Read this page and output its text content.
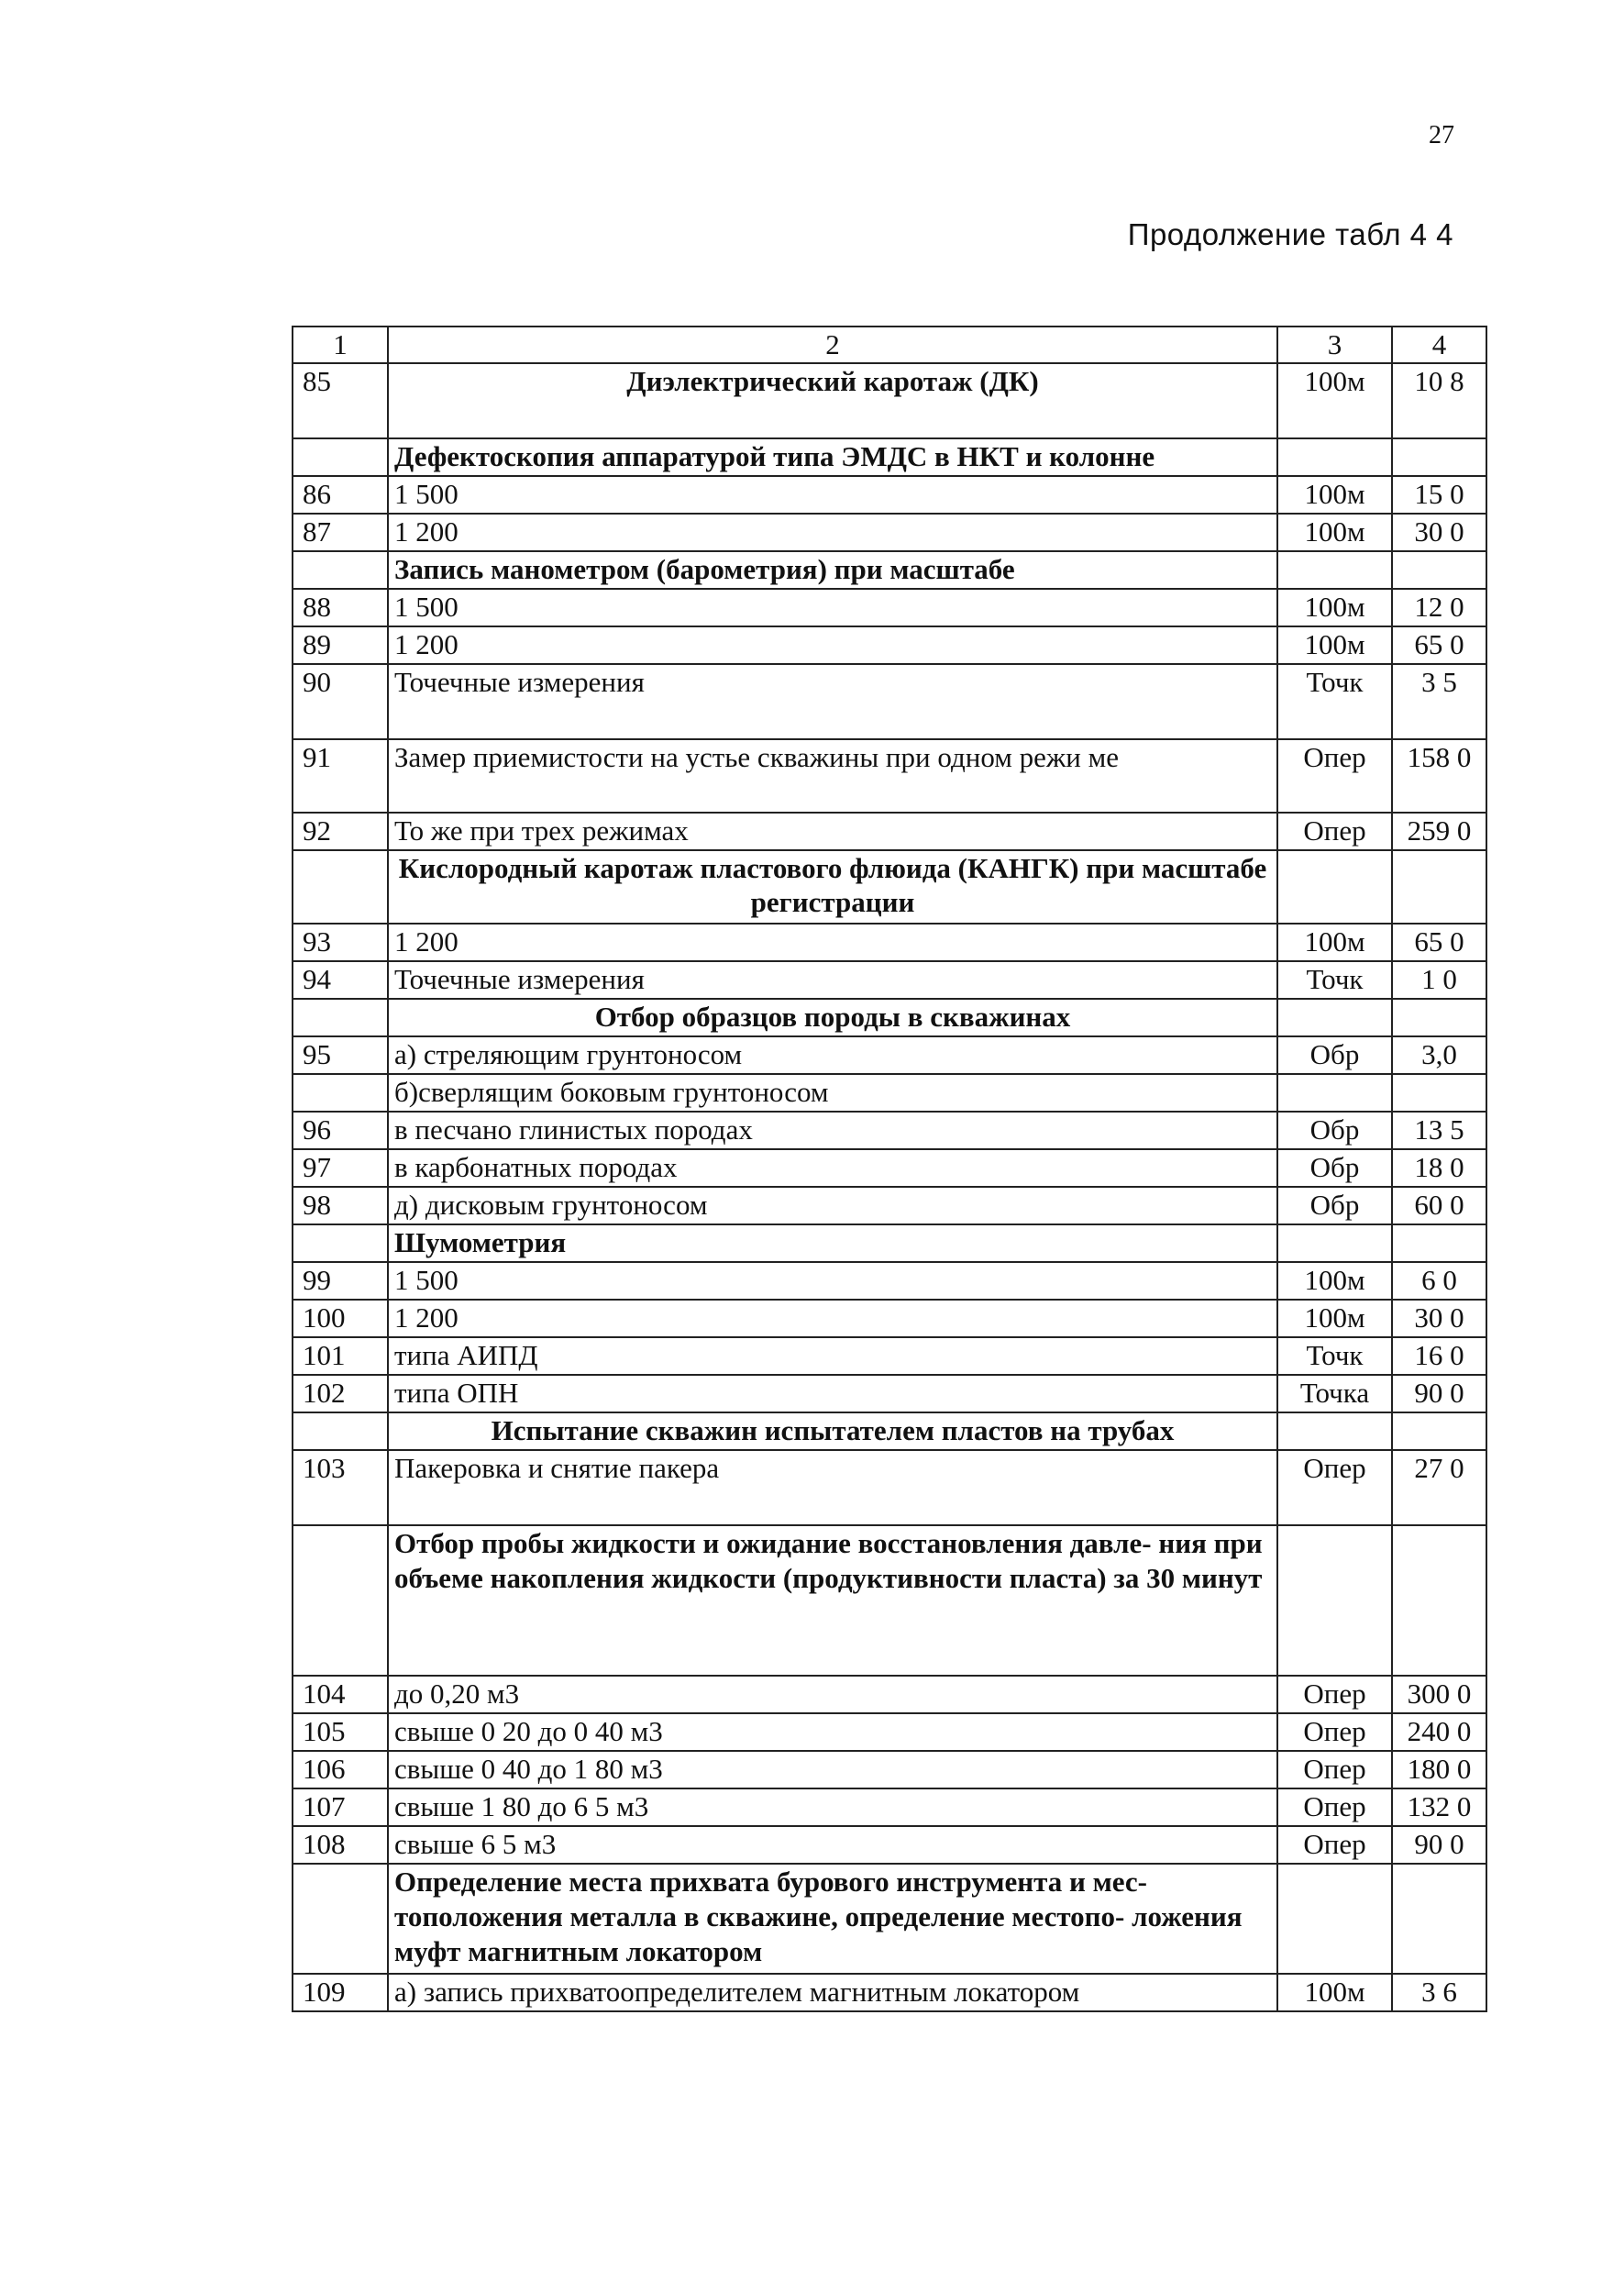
27
Продолжение табл 4 4
1	2	3	4
85	Диэлектрический каротаж (ДК)	100м	10 8
	Дефектоскопия аппаратурой типа ЭМДС в НКТ и колонне		
86	1 500	100м	15 0
87	1 200	100м	30 0
	Запись манометром (барометрия) при масштабе		
88	1 500	100м	12 0
89	1 200	100м	65 0
90	Точечные измерения	Точк	3 5
91	Замер приемистости на устье скважины при одном режи ме	Опер	158 0
92	То же при трех режимах	Опер	259 0
	Кислородный каротаж пластового флюида (КАНГК) при масштабе регистрации		
93	1 200	100м	65 0
94	Точечные измерения	Точк	1 0
	Отбор образцов породы в скважинах		
95	а) стреляющим грунтоносом	Обр	3,0
	б)сверлящим боковым грунтоносом		
96	в песчано глинистых породах	Обр	13 5
97	в карбонатных породах	Обр	18 0
98	д) дисковым грунтоносом	Обр	60 0
	Шумометрия		
99	1 500	100м	6 0
100	1 200	100м	30 0
101	типа АИПД	Точк	16 0
102	типа ОПН	Точка	90 0
	Испытание скважин испытателем пластов на трубах		
103	Пакеровка и снятие пакера	Опер	27 0
	Отбор пробы жидкости и ожидание восстановления давле- ния при объеме накопления жидкости (продуктивности пласта) за 30 минут		
104	до 0,20 м3	Опер	300 0
105	свыше 0 20 до 0 40 м3	Опер	240 0
106	свыше 0 40 до 1 80 м3	Опер	180 0
107	свыше 1 80 до 6 5 м3	Опер	132 0
108	свыше 6 5 м3	Опер	90 0
	Определение места прихвата бурового инструмента и мес- тоположения металла в скважине, определение местопо- ложения муфт магнитным локатором		
109	а) запись прихватоопределителем магнитным локатором	100м	3 6
